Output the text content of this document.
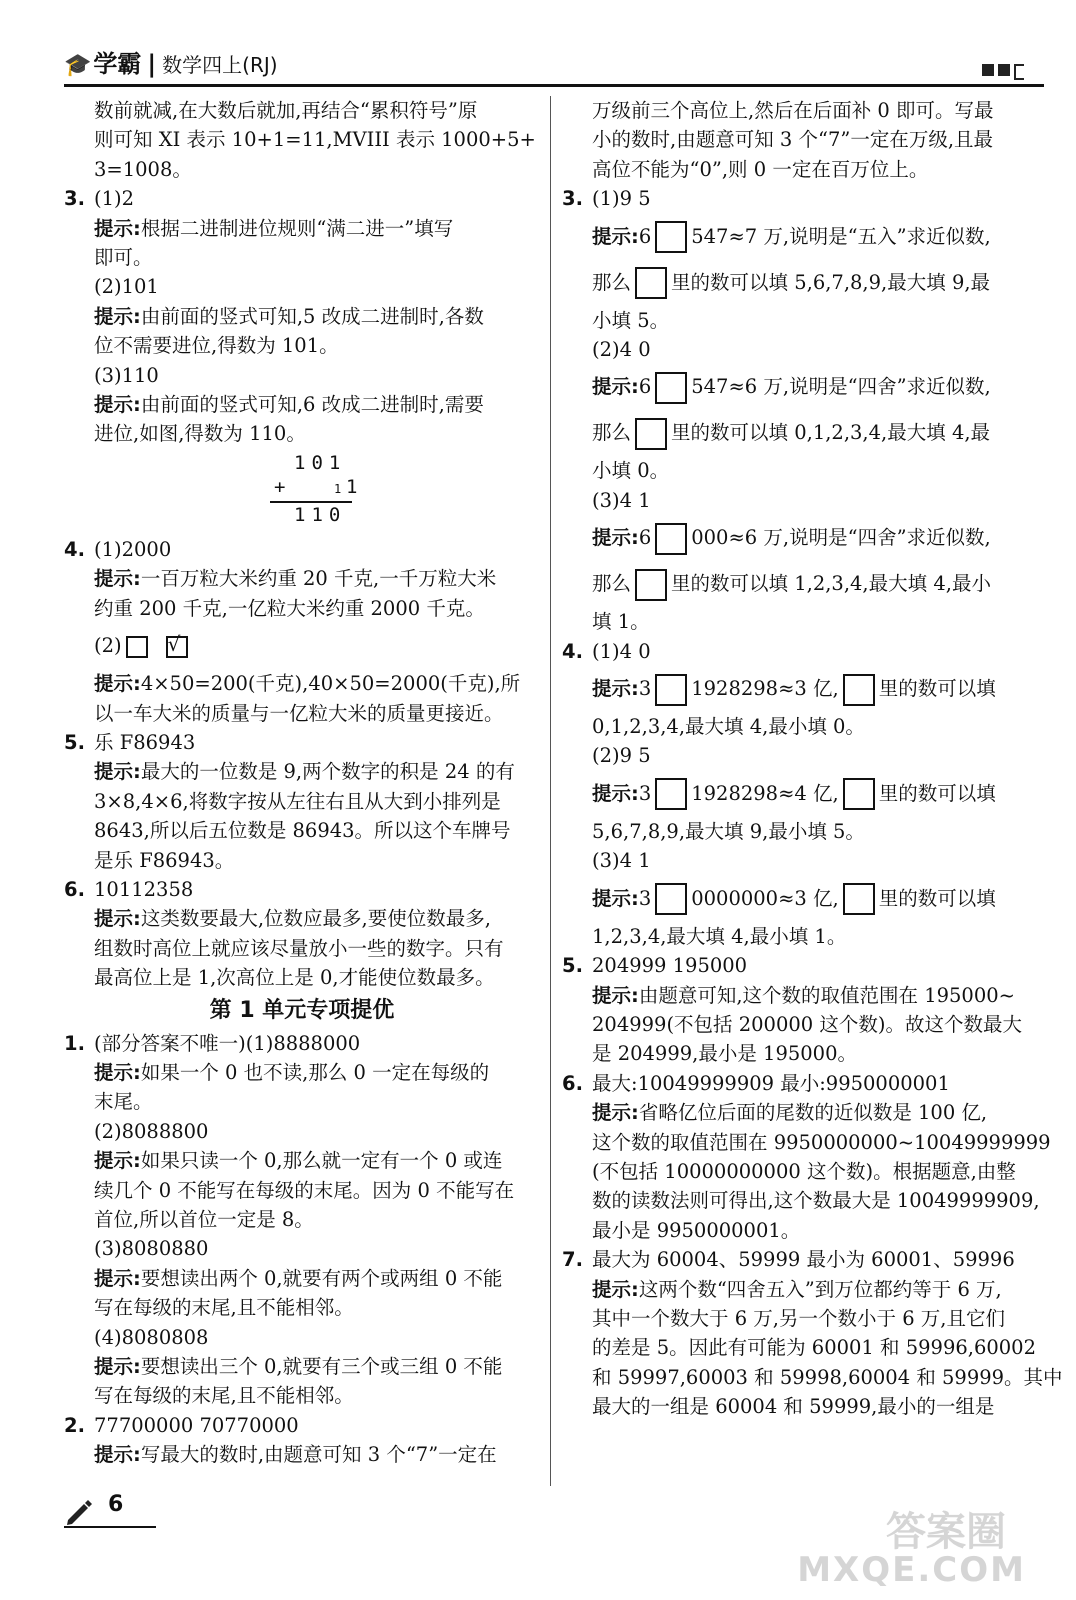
🎓学霸 | 数学四上(RJ)
数前就减,在大数后就加,再结合“累积符号”原
则可知 XI 表示 10+1=11,MVIII 表示 1000+5+
3=1008。
3. (1)2
提示:根据二进制进位规则“满二进一”填写
即可。
(2)101
提示:由前面的竖式可知,5 改成二进制时,各数
位不需要进位,得数为 101。
(3)110
提示:由前面的竖式可知,6 改成二进制时,需要
进位,如图,得数为 110。
101
+	1 1
110
4. (1)2000
提示:一百万粒大米约重 20 千克,一千万粒大米
约重 200 千克,一亿粒大米约重 2000 千克。
(2) √
提示:4×50=200(千克),40×50=2000(千克),所
以一车大米的质量与一亿粒大米的质量更接近。
5. 乐 F86943
提示:最大的一位数是 9,两个数字的积是 24 的有
3×8,4×6,将数字按从左往右且从大到小排列是
8643,所以后五位数是 86943。所以这个车牌号
是乐 F86943。
6. 10112358
提示:这类数要最大,位数应最多,要使位数最多,
组数时高位上就应该尽量放小一些的数字。只有
最高位上是 1,次高位上是 0,才能使位数最多。
第 1 单元专项提优
1. (部分答案不唯一)(1)8888000
提示:如果一个 0 也不读,那么 0 一定在每级的
末尾。
(2)8088800
提示:如果只读一个 0,那么就一定有一个 0 或连
续几个 0 不能写在每级的末尾。因为 0 不能写在
首位,所以首位一定是 8。
(3)8080880
提示:要想读出两个 0,就要有两个或两组 0 不能
写在每级的末尾,且不能相邻。
(4)8080808
提示:要想读出三个 0,就要有三个或三组 0 不能
写在每级的末尾,且不能相邻。
2. 77700000 70770000
提示:写最大的数时,由题意可知 3 个“7”一定在
万级前三个高位上,然后在后面补 0 即可。写最
小的数时,由题意可知 3 个“7”一定在万级,且最
高位不能为“0”,则 0 一定在百万位上。
3. (1)9 5
提示:6 547≈7 万,说明是“五入”求近似数,
那么 里的数可以填 5,6,7,8,9,最大填 9,最
小填 5。
(2)4 0
提示:6 547≈6 万,说明是“四舍”求近似数,
那么 里的数可以填 0,1,2,3,4,最大填 4,最
小填 0。
(3)4 1
提示:6 000≈6 万,说明是“四舍”求近似数,
那么 里的数可以填 1,2,3,4,最大填 4,最小
填 1。
4. (1)4 0
提示:3 1928298≈3 亿, 里的数可以填
0,1,2,3,4,最大填 4,最小填 0。
(2)9 5
提示:3 1928298≈4 亿, 里的数可以填
5,6,7,8,9,最大填 9,最小填 5。
(3)4 1
提示:3 0000000≈3 亿, 里的数可以填
1,2,3,4,最大填 4,最小填 1。
5. 204999 195000
提示:由题意可知,这个数的取值范围在 195000~
204999(不包括 200000 这个数)。故这个数最大
是 204999,最小是 195000。
6. 最大:10049999909 最小:9950000001
提示:省略亿位后面的尾数的近似数是 100 亿,
这个数的取值范围在 9950000000~10049999999
(不包括 10000000000 这个数)。根据题意,由整
数的读数法则可得出,这个数最大是 10049999909,
最小是 9950000001。
7. 最大为 60004、59999 最小为 60001、59996
提示:这两个数“四舍五入”到万位都约等于 6 万,
其中一个数大于 6 万,另一个数小于 6 万,且它们
的差是 5。因此有可能为 60001 和 59996,60002
和 59997,60003 和 59998,60004 和 59999。其中
最大的一组是 60004 和 59999,最小的一组是
6
答案圈
MXQE.COM
